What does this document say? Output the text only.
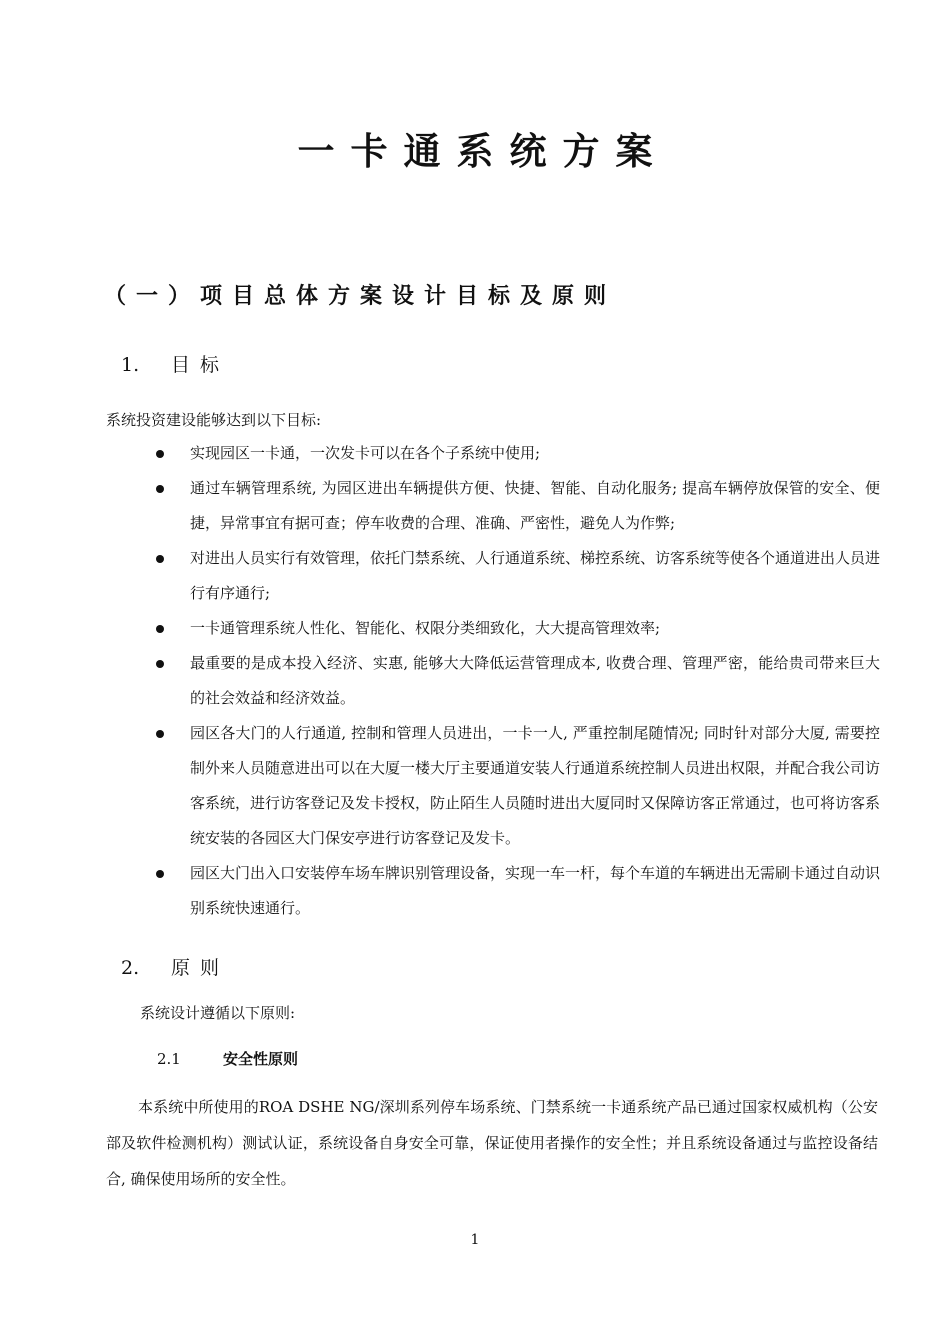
一卡通系统方案
（一）项目总体方案设计目标及原则
1. 目标
系统投资建设能够达到以下目标:
实现园区一卡通，一次发卡可以在各个子系统中使用;
通过车辆管理系统, 为园区进出车辆提供方便、快捷、智能、自动化服务; 提高车辆停放保管的安全、便捷，异常事宜有据可查；停车收费的合理、准确、严密性，避免人为作弊;
对进出人员实行有效管理，依托门禁系统、人行通道系统、梯控系统、访客系统等使各个通道进出人员进行有序通行;
一卡通管理系统人性化、智能化、权限分类细致化，大大提高管理效率;
最重要的是成本投入经济、实惠, 能够大大降低运营管理成本, 收费合理、管理严密，能给贵司带来巨大的社会效益和经济效益。
园区各大门的人行通道, 控制和管理人员进出，一卡一人, 严重控制尾随情况; 同时针对部分大厦, 需要控制外来人员随意进出可以在大厦一楼大厅主要通道安装人行通道系统控制人员进出权限，并配合我公司访客系统，进行访客登记及发卡授权，防止陌生人员随时进出大厦同时又保障访客正常通过，也可将访客系统安装的各园区大门保安亭进行访客登记及发卡。
园区大门出入口安装停车场车牌识别管理设备，实现一车一杆，每个车道的车辆进出无需刷卡通过自动识别系统快速通行。
2. 原则
系统设计遵循以下原则:
2.1	安全性原则
本系统中所使用的ROA DSHE NG/深圳系列停车场系统、门禁系统一卡通系统产品已通过国家权威机构（公安部及软件检测机构）测试认证，系统设备自身安全可靠，保证使用者操作的安全性；并且系统设备通过与监控设备结合, 确保使用场所的安全性。
1
